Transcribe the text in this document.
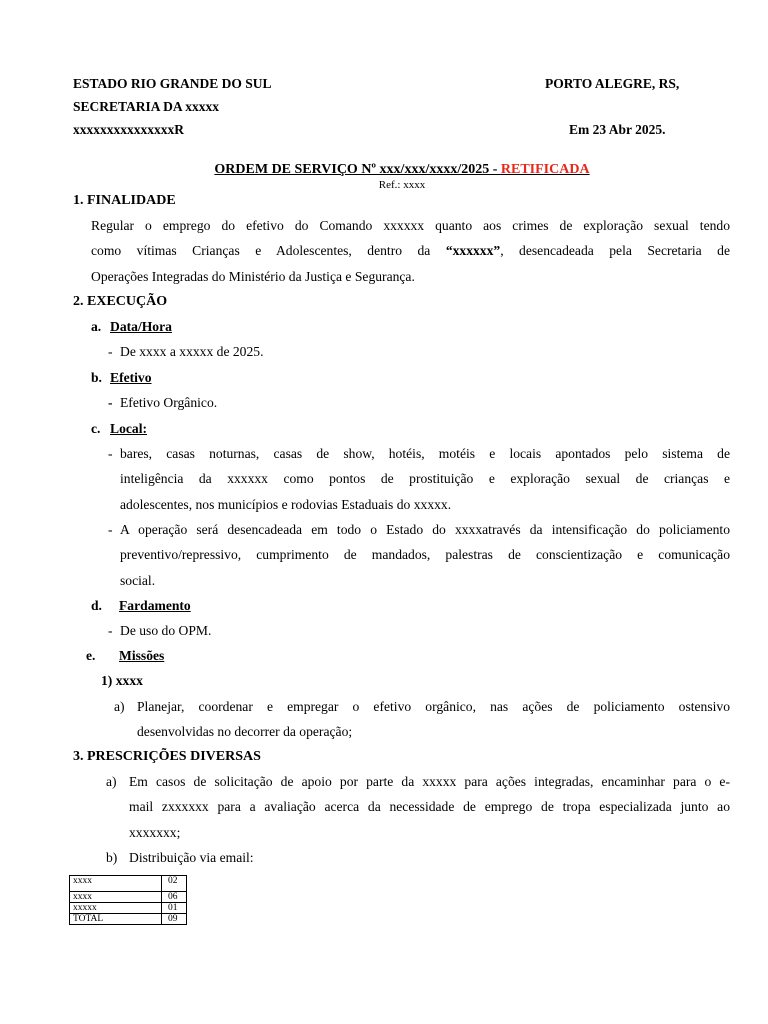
ESTADO RIO GRANDE DO SUL
SECRETARIA DA xxxxx
xxxxxxxxxxxxxxxR
PORTO ALEGRE, RS,
Em 23 Abr 2025.
ORDEM DE SERVIÇO Nº xxx/xxx/xxxx/2025 - RETIFICADA
Ref.: xxxx
1. FINALIDADE
Regular o emprego do efetivo do Comando xxxxxx quanto aos crimes de exploração sexual tendo
como vítimas Crianças e Adolescentes, dentro da “xxxxxx”, desencadeada pela Secretaria de
Operações Integradas do Ministério da Justiça e Segurança.
2. EXECUÇÃO
a. Data/Hora
- De xxxx a xxxxx de 2025.
b. Efetivo
- Efetivo Orgânico.
c. Local:
- bares, casas noturnas, casas de show, hotéis, motéis e locais apontados pelo sistema de
inteligência da xxxxxx como pontos de prostituição e exploração sexual de crianças e
adolescentes, nos municípios e rodovias Estaduais do xxxxx.
- A operação será desencadeada em todo o Estado do xxxxatravés da intensificação do policiamento
preventivo/repressivo, cumprimento de mandados, palestras de conscientização e comunicação
social.
d. Fardamento
- De uso do OPM.
e. Missões
1) xxxx
a) Planejar, coordenar e empregar o efetivo orgânico, nas ações de policiamento ostensivo
desenvolvidas no decorrer da operação;
3. PRESCRIÇÕES DIVERSAS
a) Em casos de solicitação de apoio por parte da xxxxx para ações integradas, encaminhar para o e-
mail zxxxxxx para a avaliação acerca da necessidade de emprego de tropa especializada junto ao
xxxxxxx;
b) Distribuição via email:
xxxx	02
xxxx	06
xxxxx	01
TOTAL	09
